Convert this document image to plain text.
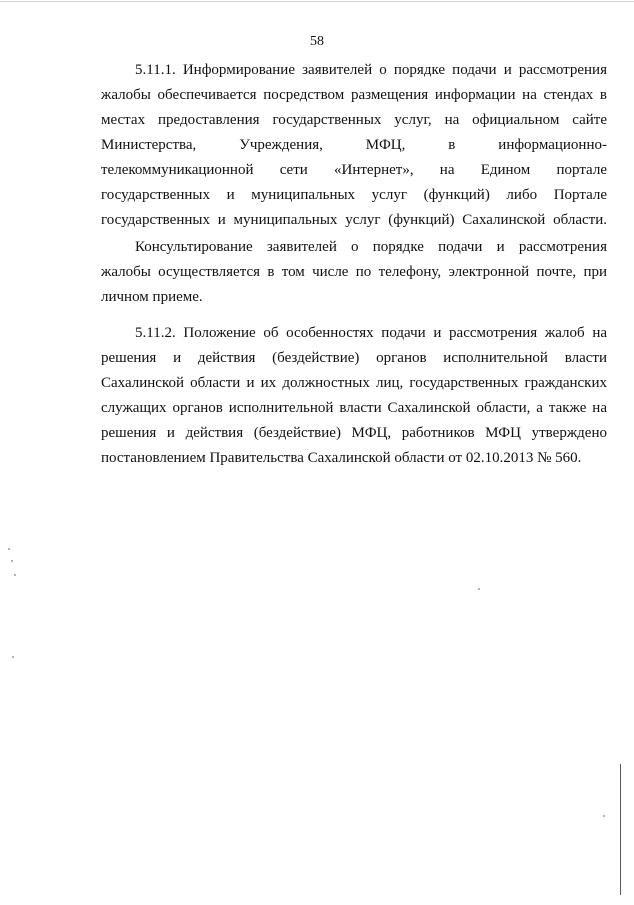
58
5.11.1. Информирование заявителей о порядке подачи и рассмотрения
жалобы обеспечивается посредством размещения информации на стендах в
местах предоставления государственных услуг, на официальном сайте
Министерства, Учреждения, МФЦ, в информационно-
телекоммуникационной сети «Интернет», на Едином портале
государственных и муниципальных услуг (функций) либо Портале
государственных и муниципальных услуг (функций) Сахалинской области.
Консультирование заявителей о порядке подачи и рассмотрения
жалобы осуществляется в том числе по телефону, электронной почте, при
личном приеме.
5.11.2. Положение об особенностях подачи и рассмотрения жалоб на
решения и действия (бездействие) органов исполнительной власти
Сахалинской области и их должностных лиц, государственных гражданских
служащих органов исполнительной власти Сахалинской области, а также на
решения и действия (бездействие) МФЦ, работников МФЦ утверждено
постановлением Правительства Сахалинской области от 02.10.2013 № 560.
